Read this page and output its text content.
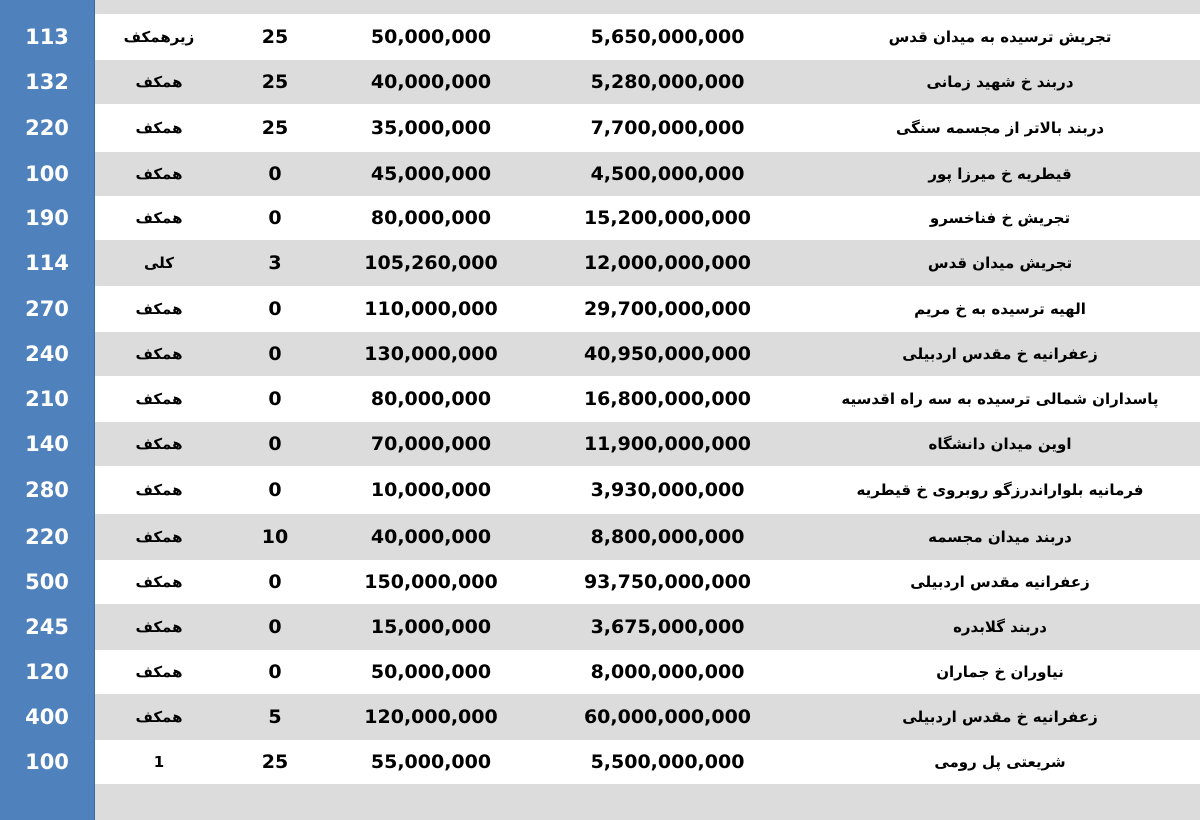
113	زیرهمکف	25	50,000,000	5,650,000,000	تجریش ترسیده به میدان قدس
132	همکف	25	40,000,000	5,280,000,000	دربند خ شهید زمانی
220	همکف	25	35,000,000	7,700,000,000	دربند بالاتر از مجسمه سنگی
100	همکف	0	45,000,000	4,500,000,000	قیطریه خ میرزا پور
190	همکف	0	80,000,000	15,200,000,000	تجریش خ فناخسرو
114	کلی	3	105,260,000	12,000,000,000	تجریش میدان قدس
270	همکف	0	110,000,000	29,700,000,000	الهیه ترسیده به خ مریم
240	همکف	0	130,000,000	40,950,000,000	زعفرانیه خ مقدس اردبیلی
210	همکف	0	80,000,000	16,800,000,000	پاسداران شمالی ترسیده به سه راه اقدسیه
140	همکف	0	70,000,000	11,900,000,000	اوین میدان دانشگاه
280	همکف	0	10,000,000	3,930,000,000	فرمانیه بلواراندرزگو روبروی خ قیطریه
220	همکف	10	40,000,000	8,800,000,000	دربند میدان مجسمه
500	همکف	0	150,000,000	93,750,000,000	زعفرانیه مقدس اردبیلی
245	همکف	0	15,000,000	3,675,000,000	دربند گلابدره
120	همکف	0	50,000,000	8,000,000,000	نیاوران خ جماران
400	همکف	5	120,000,000	60,000,000,000	زعفرانیه خ مقدس اردبیلی
100	1	25	55,000,000	5,500,000,000	شریعتی پل رومی
